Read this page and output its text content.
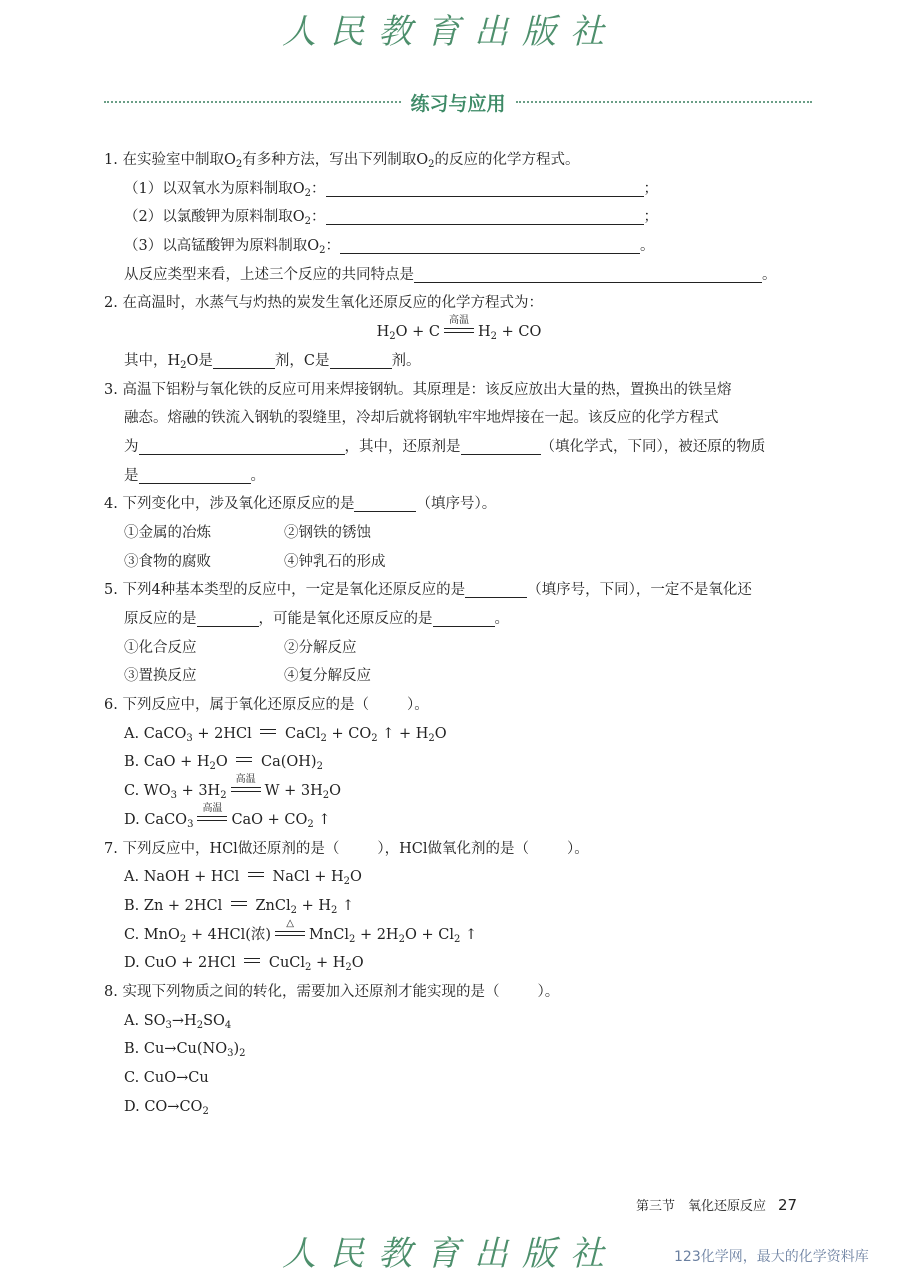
人民教育出版社
练习与应用
1. 在实验室中制取$O_2$有多种方法，写出下列制取$O_2$的反应的化学方程式。
（1）以双氧水为原料制取$O_2$：	；
（2）以氯酸钾为原料制取$O_2$：	；
（3）以高锰酸钾为原料制取$O_2$：	。
从反应类型来看，上述三个反应的共同特点是	。
2. 在高温时，水蒸气与灼热的炭发生氧化还原反应的化学方程式为：
$H_2O + C$
高温
$H_2$ + CO
其中，$H_2O$是	剂，C是	剂。
3. 高温下铝粉与氧化铁的反应可用来焊接钢轨。其原理是：该反应放出大量的热，置换出的铁呈熔
融态。熔融的铁流入钢轨的裂缝里，冷却后就将钢轨牢牢地焊接在一起。该反应的化学方程式
为	，其中，还原剂是	（填化学式，下同），被还原的物质
是	。
4. 下列变化中，涉及氧化还原反应的是	（填序号）。
①金属的冶炼	②钢铁的锈蚀
③食物的腐败	④钟乳石的形成
5. 下列4种基本类型的反应中，一定是氧化还原反应的是	（填序号，下同），一定不是氧化还
原反应的是	，可能是氧化还原反应的是	。
①化合反应	②分解反应
③置换反应	④复分解反应
6. 下列反应中，属于氧化还原反应的是（	）。
A. CaCO$_3$ + 2HCl  CaCl$_2$ + $CO_2$ ↑ + $H_2O$
B. CaO + $H_2O$  $Ca(OH)_2$
C. $WO_3 + 3H_2$
高温
$W + 3H_2O$
D. CaCO$_3$
高温
CaO + $CO_2$ ↑
7. 下列反应中，HCl做还原剂的是（	），HCl做氧化剂的是（	）。
A. NaOH + HCl  NaCl + $H_2O$
B. Zn + 2HCl  ZnCl$_2$ + $H_2$ ↑
C. MnO$_2$ + 4HCl(浓)
△
MnCl$_2$ + $2H_2O + Cl_2$ ↑
D. CuO + 2HCl  CuCl$_2$ + $H_2O$
8. 实现下列物质之间的转化，需要加入还原剂才能实现的是（	）。
A. $SO_3\to H_2SO_4$
B. $Cu\to Cu(NO_3)_2$
C. CuO→Cu
D. $CO\to CO_2$
第三节　氧化还原反应 27
人民教育出版社	123化学网，最大的化学资料库
